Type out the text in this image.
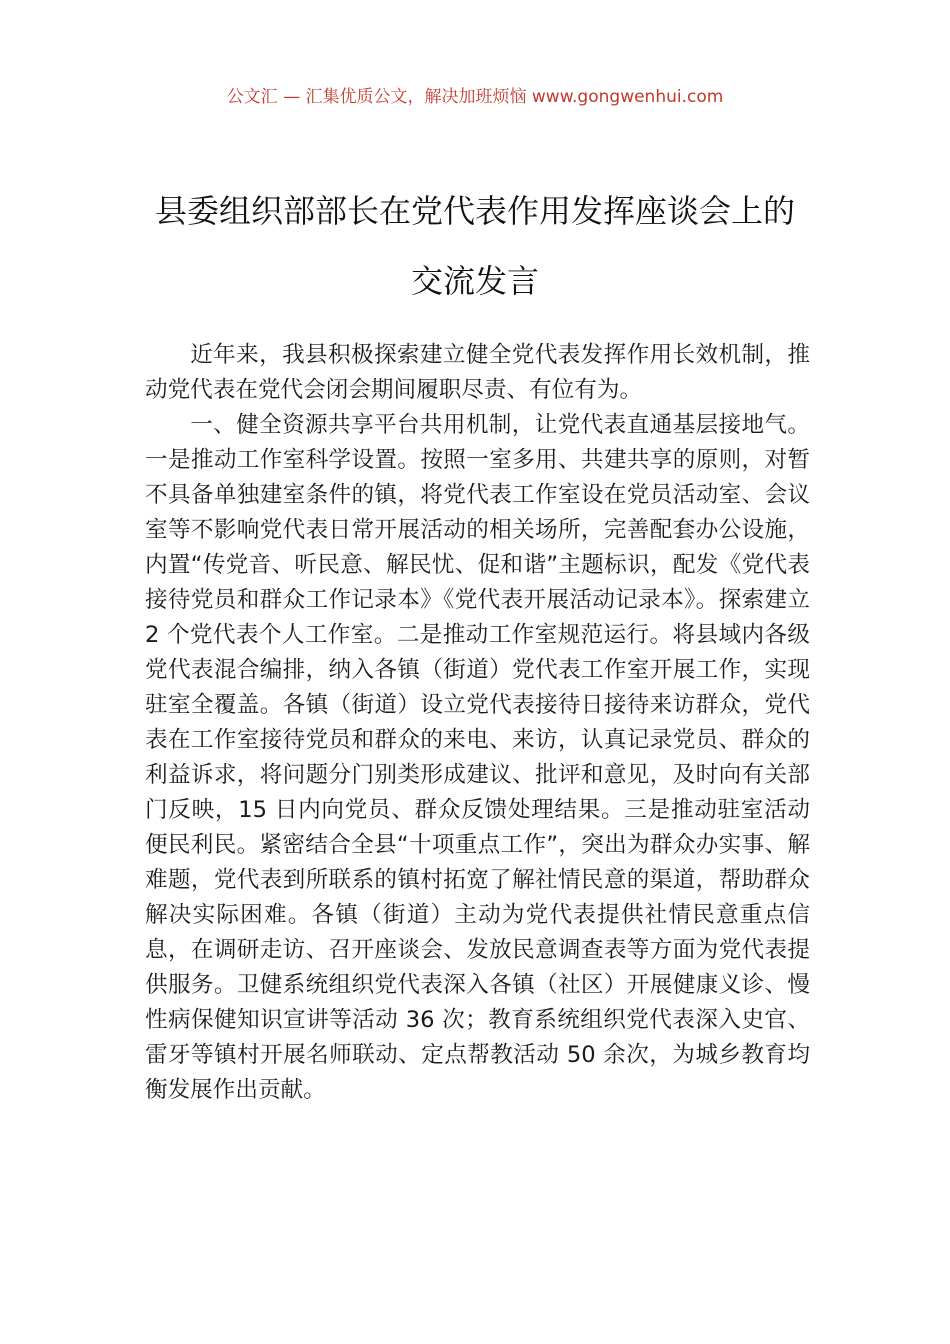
公文汇 — 汇集优质公文，解决加班烦恼 www.gongwenhui.com
县委组织部部长在党代表作用发挥座谈会上的交流发言

近年来，我县积极探索建立健全党代表发挥作用长效机制，推动党代表在党代会闭会期间履职尽责、有位有为。

一、健全资源共享平台共用机制，让党代表直通基层接地气。一是推动工作室科学设置。按照一室多用、共建共享的原则，对暂不具备单独建室条件的镇，将党代表工作室设在党员活动室、会议室等不影响党代表日常开展活动的相关场所，完善配套办公设施，内置“传党音、听民意、解民忧、促和谐”主题标识，配发《党代表接待党员和群众工作记录本》《党代表开展活动记录本》。探索建立 2 个党代表个人工作室。二是推动工作室规范运行。将县域内各级党代表混合编排，纳入各镇（街道）党代表工作室开展工作，实现驻室全覆盖。各镇（街道）设立党代表接待日接待来访群众，党代表在工作室接待党员和群众的来电、来访，认真记录党员、群众的利益诉求，将问题分门别类形成建议、批评和意见，及时向有关部门反映，15 日内向党员、群众反馈处理结果。三是推动驻室活动便民利民。紧密结合全县“十项重点工作”，突出为群众办实事、解难题，党代表到所联系的镇村拓宽了解社情民意的渠道，帮助群众解决实际困难。各镇（街道）主动为党代表提供社情民意重点信息，在调研走访、召开座谈会、发放民意调查表等方面为党代表提供服务。卫健系统组织党代表深入各镇（社区）开展健康义诊、慢性病保健知识宣讲等活动 36 次；教育系统组织党代表深入史官、雷牙等镇村开展名师联动、定点帮教活动 50 余次，为城乡教育均衡发展作出贡献。
